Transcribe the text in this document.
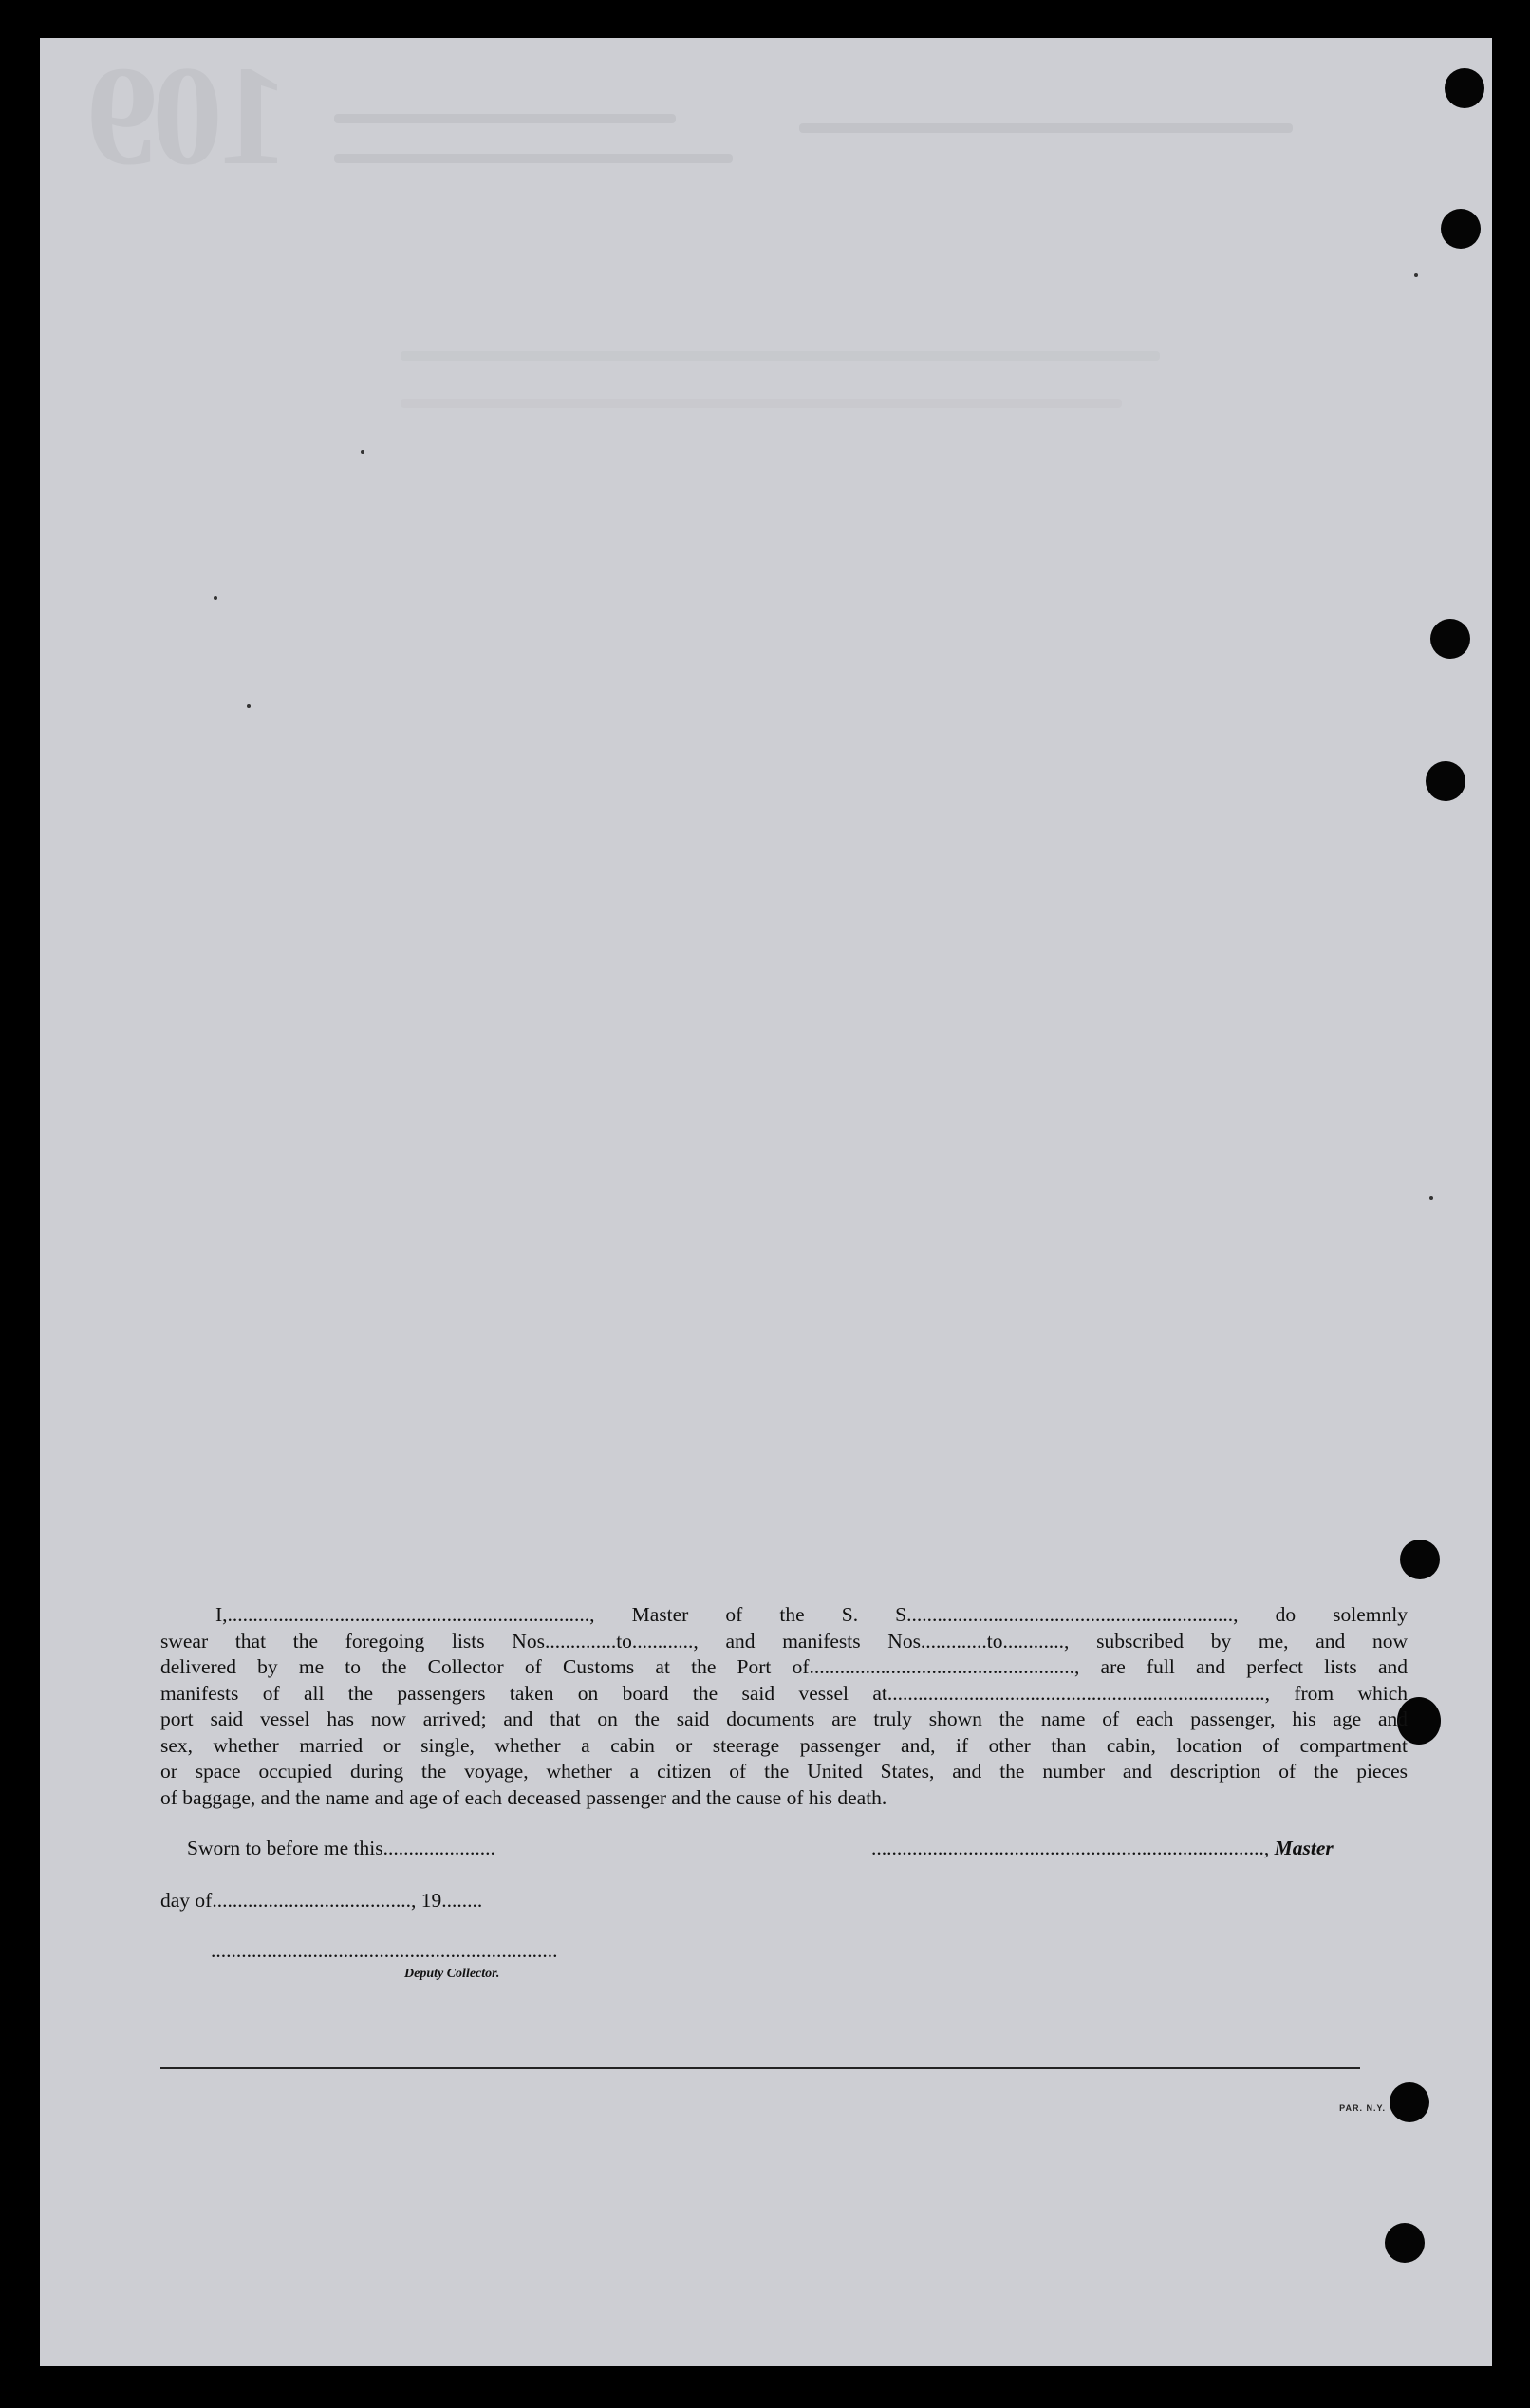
109
I,......................................................................., Master of the S. S................................................................, do solemnly
swear that the foregoing lists Nos..............to............, and manifests Nos.............to............, subscribed by me, and now
delivered by me to the Collector of Customs at the Port of...................................................., are full and perfect lists and
manifests of all the passengers taken on board the said vessel at.........................................................................., from which
port said vessel has now arrived; and that on the said documents are truly shown the name of each passenger, his age and
sex, whether married or single, whether a cabin or steerage passenger and, if other than cabin, location of compartment
or space occupied during the voyage, whether a citizen of the United States, and the number and description of the pieces
of baggage, and the name and age of each deceased passenger and the cause of his death.
Sworn to before me this......................	............................................................................., Master
day of......................................., 19........
....................................................................
Deputy Collector.
PAR. N.Y.
